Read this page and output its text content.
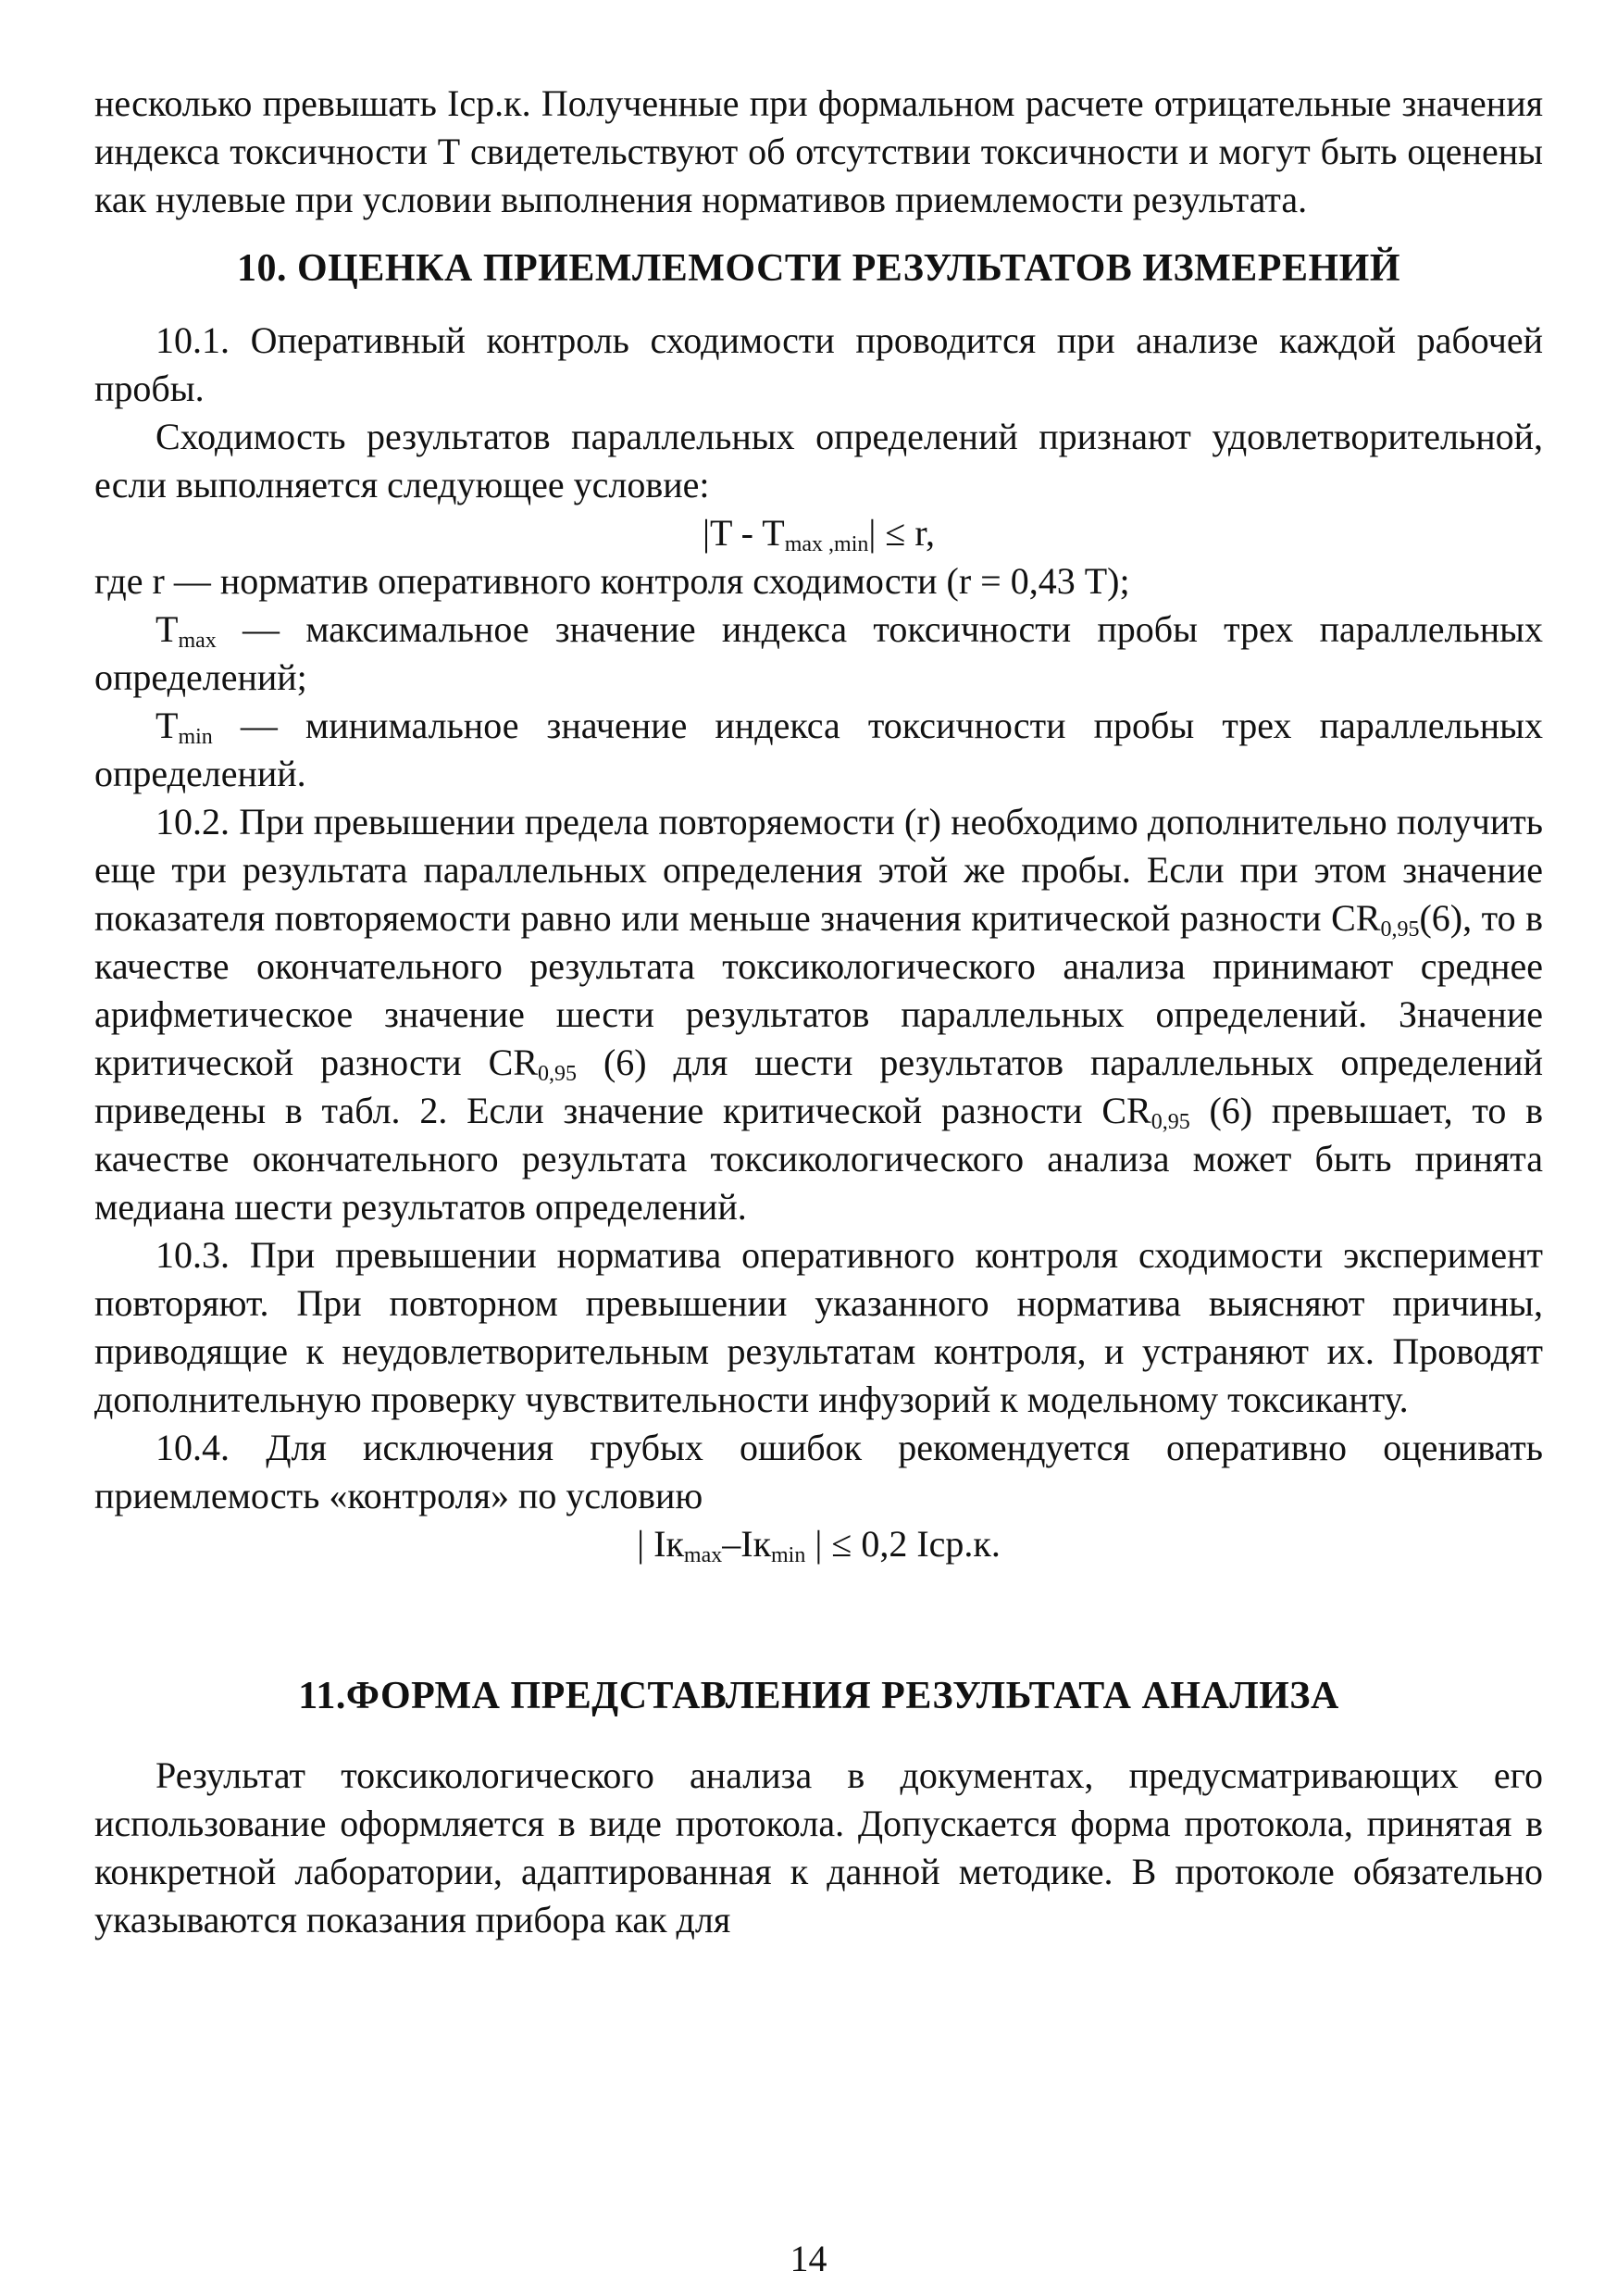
несколько превышать Iср.к. Полученные при формальном расчете отрицательные значения индекса токсичности Т свидетельствуют об отсутствии токсичности и могут быть оценены как нулевые при условии выполнения нормативов приемлемости результата.

10. ОЦЕНКА ПРИЕМЛЕМОСТИ РЕЗУЛЬТАТОВ ИЗМЕРЕНИЙ

10.1. Оперативный контроль сходимости проводится при анализе каждой рабочей пробы.

Сходимость результатов параллельных определений признают удовлетворительной, если выполняется следующее условие:

$|T - T_{max ,min}| \le r$,

где r — норматив оперативного контроля сходимости (r = 0,43 Т);

$T_{max}$ — максимальное значение индекса токсичности пробы трех параллельных определений;

$T_{min}$ — минимальное значение индекса токсичности пробы трех параллельных определений.

10.2. При превышении предела повторяемости (r) необходимо дополнительно получить еще три результата параллельных определения этой же пробы. Если при этом значение показателя повторяемости равно или меньше значения критической разности $CR_{0,95}(6)$, то в качестве окончательного результата токсикологического анализа принимают среднее арифметическое значение шести результатов параллельных определений. Значение критической разности $CR_{0,95}$ (6) для шести результатов параллельных определений приведены в табл. 2. Если значение критической разности $CR_{0,95}$ (6) превышает, то в качестве окончательного результата токсикологического анализа может быть принята медиана шести результатов определений.

10.3. При превышении норматива оперативного контроля сходимости эксперимент повторяют. При повторном превышении указанного норматива выясняют причины, приводящие к неудовлетворительным результатам контроля, и устраняют их. Проводят дополнительную проверку чувствительности инфузорий к модельному токсиканту.

10.4. Для исключения грубых ошибок рекомендуется оперативно оценивать приемлемость «контроля» по условию

| $Iк_{max}-Iк_{min}$ | ≤ 0,2 Iср.к.

11.ФОРМА ПРЕДСТАВЛЕНИЯ РЕЗУЛЬТАТА АНАЛИЗА

Результат токсикологического анализа в документах, предусматривающих его использование оформляется в виде протокола. Допускается форма протокола, принятая в конкретной лаборатории, адаптированная к данной методике. В протоколе обязательно указываются показания прибора как для

14
